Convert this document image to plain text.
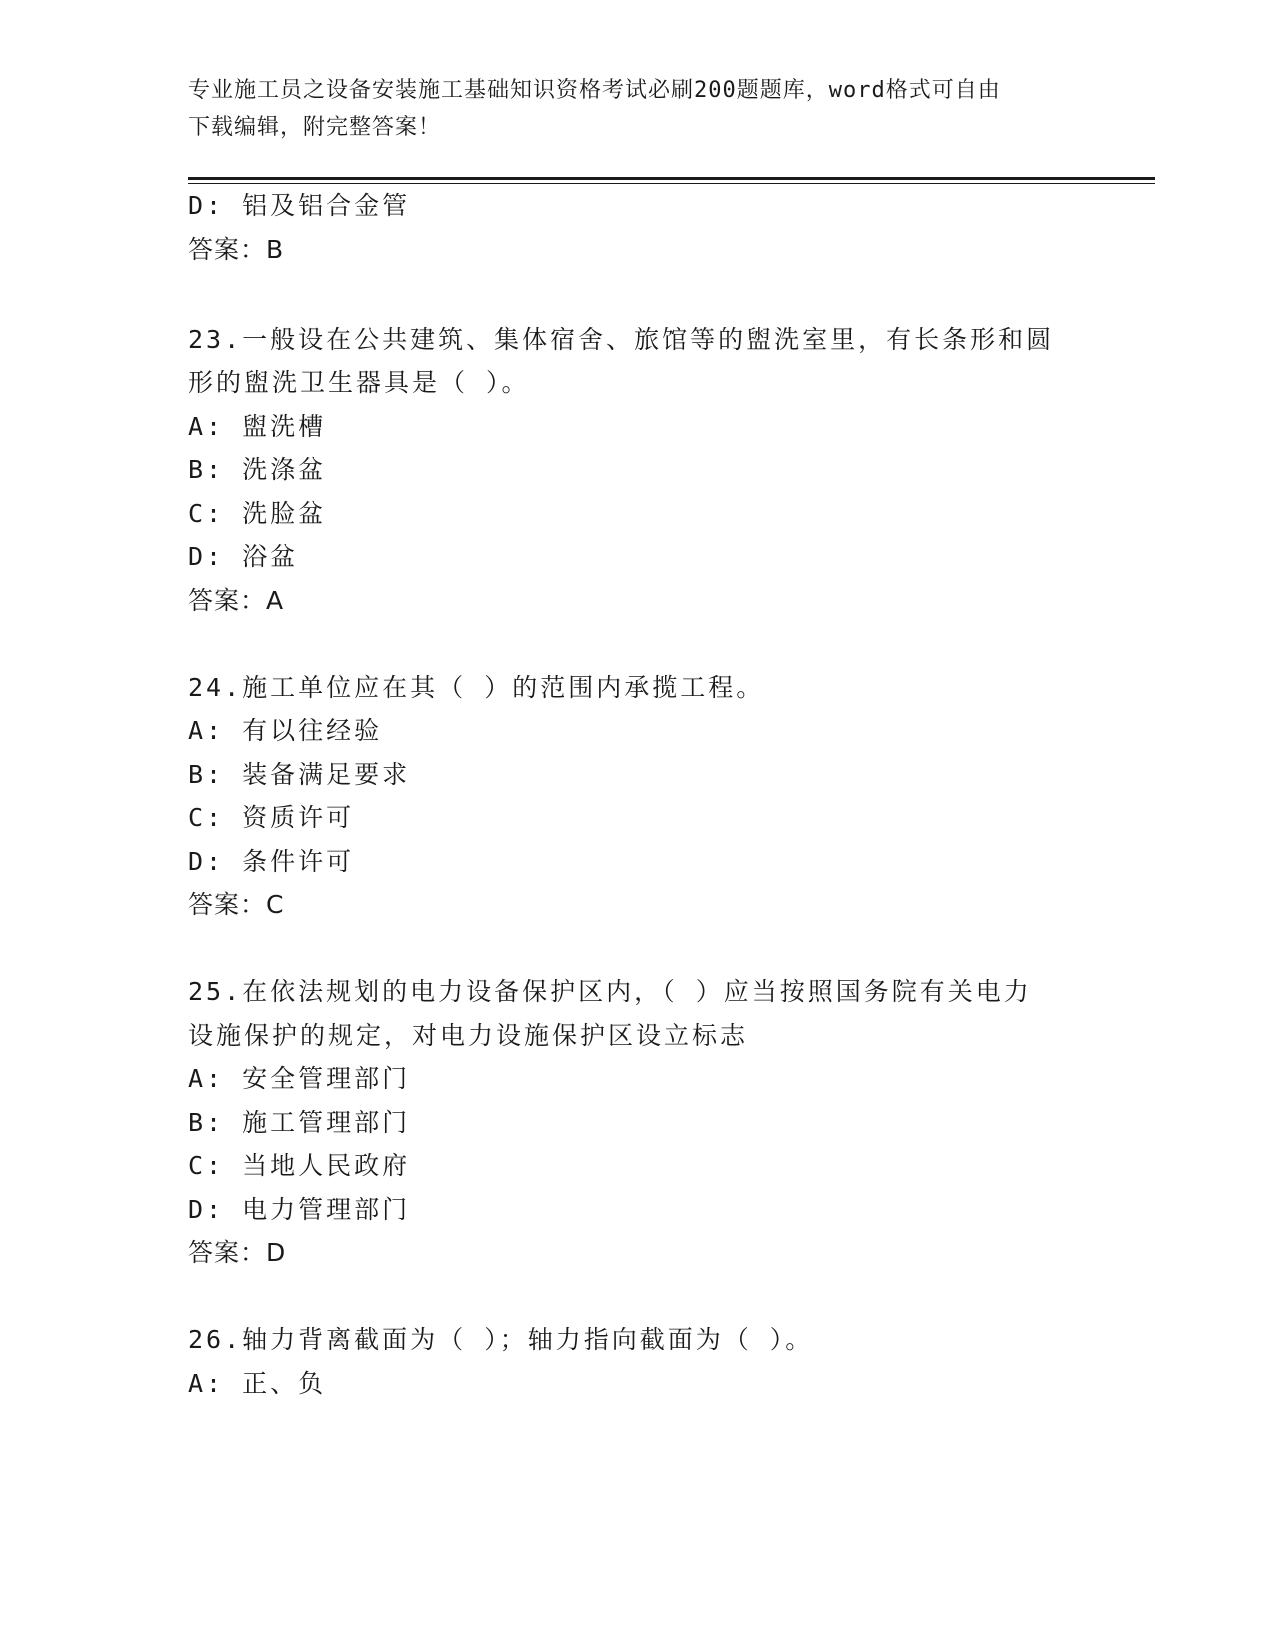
专业施工员之设备安装施工基础知识资格考试必刷200题题库，word格式可自由
下载编辑，附完整答案！
D: 铝及铝合金管
答案：B
23.一般设在公共建筑、集体宿舍、旅馆等的盥洗室里，有长条形和圆
形的盥洗卫生器具是（ ）。
A: 盥洗槽
B: 洗涤盆
C: 洗脸盆
D: 浴盆
答案：A
24.施工单位应在其（ ）的范围内承揽工程。
A: 有以往经验
B: 装备满足要求
C: 资质许可
D: 条件许可
答案：C
25.在依法规划的电力设备保护区内，（ ）应当按照国务院有关电力
设施保护的规定，对电力设施保护区设立标志
A: 安全管理部门
B: 施工管理部门
C: 当地人民政府
D: 电力管理部门
答案：D
26.轴力背离截面为（ ）；轴力指向截面为（ ）。
A: 正、负
